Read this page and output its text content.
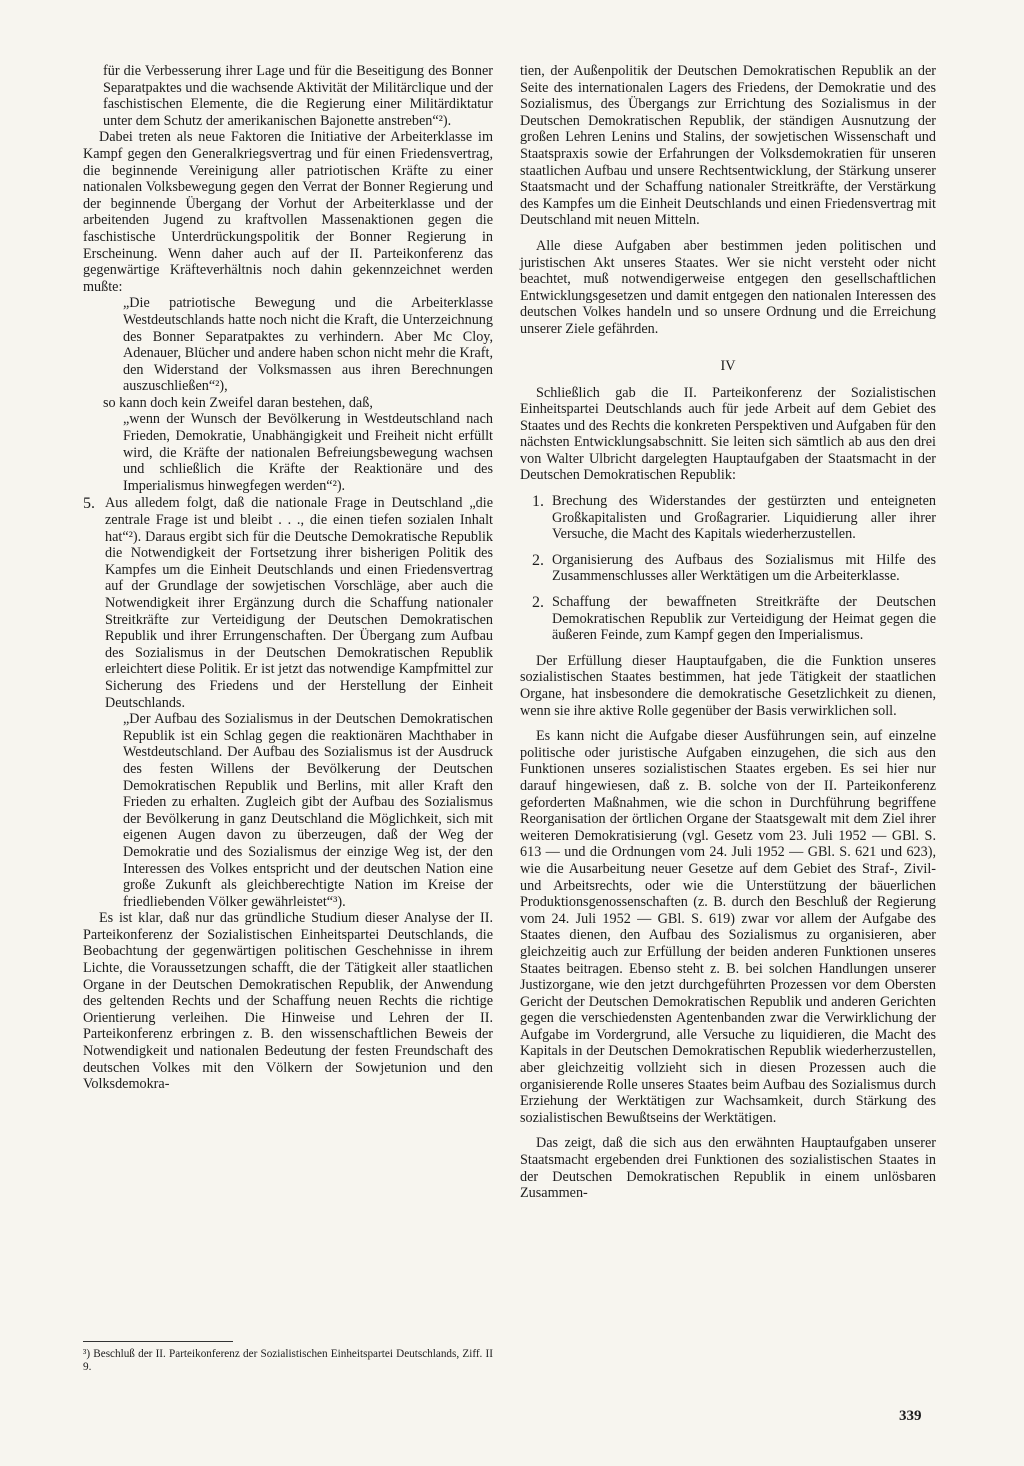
für die Verbesserung ihrer Lage und für die Beseitigung des Bonner Separatpaktes und die wachsende Aktivität der Militärclique und der faschistischen Elemente, die die Regierung einer Militärdiktatur unter dem Schutz der amerikanischen Bajonette anstreben“²).

Dabei treten als neue Faktoren die Initiative der Arbeiterklasse im Kampf gegen den Generalkriegsvertrag und für einen Friedensvertrag, die beginnende Vereinigung aller patriotischen Kräfte zu einer nationalen Volksbewegung gegen den Verrat der Bonner Regierung und der beginnende Übergang der Vorhut der Arbeiterklasse und der arbeitenden Jugend zu kraftvollen Massenaktionen gegen die faschistische Unterdrückungspolitik der Bonner Regierung in Erscheinung. Wenn daher auch auf der II. Parteikonferenz das gegenwärtige Kräfteverhältnis noch dahin gekennzeichnet werden mußte:

„Die patriotische Bewegung und die Arbeiterklasse Westdeutschlands hatte noch nicht die Kraft, die Unterzeichnung des Bonner Separatpaktes zu verhindern. Aber Mc Cloy, Adenauer, Blücher und andere haben schon nicht mehr die Kraft, den Widerstand der Volksmassen aus ihren Berechnungen auszuschließen“²),

so kann doch kein Zweifel daran bestehen, daß,

„wenn der Wunsch der Bevölkerung in Westdeutschland nach Frieden, Demokratie, Unabhängigkeit und Freiheit nicht erfüllt wird, die Kräfte der nationalen Befreiungsbewegung wachsen und schließlich die Kräfte der Reaktionäre und des Imperialismus hinwegfegen werden“²).

5. Aus alledem folgt, daß die nationale Frage in Deutschland „die zentrale Frage ist und bleibt . . ., die einen tiefen sozialen Inhalt hat“²). Daraus ergibt sich für die Deutsche Demokratische Republik die Notwendigkeit der Fortsetzung ihrer bisherigen Politik des Kampfes um die Einheit Deutschlands und einen Friedensvertrag auf der Grundlage der sowjetischen Vorschläge, aber auch die Notwendigkeit ihrer Ergänzung durch die Schaffung nationaler Streitkräfte zur Verteidigung der Deutschen Demokratischen Republik und ihrer Errungenschaften. Der Übergang zum Aufbau des Sozialismus in der Deutschen Demokratischen Republik erleichtert diese Politik. Er ist jetzt das notwendige Kampfmittel zur Sicherung des Friedens und der Herstellung der Einheit Deutschlands.

„Der Aufbau des Sozialismus in der Deutschen Demokratischen Republik ist ein Schlag gegen die reaktionären Machthaber in Westdeutschland. Der Aufbau des Sozialismus ist der Ausdruck des festen Willens der Bevölkerung der Deutschen Demokratischen Republik und Berlins, mit aller Kraft den Frieden zu erhalten. Zugleich gibt der Aufbau des Sozialismus der Bevölkerung in ganz Deutschland die Möglichkeit, sich mit eigenen Augen davon zu überzeugen, daß der Weg der Demokratie und des Sozialismus der einzige Weg ist, der den Interessen des Volkes entspricht und der deutschen Nation eine große Zukunft als gleichberechtigte Nation im Kreise der friedliebenden Völker gewährleistet“³).

Es ist klar, daß nur das gründliche Studium dieser Analyse der II. Parteikonferenz der Sozialistischen Einheitspartei Deutschlands, die Beobachtung der gegenwärtigen politischen Geschehnisse in ihrem Lichte, die Voraussetzungen schafft, die der Tätigkeit aller staatlichen Organe in der Deutschen Demokratischen Republik, der Anwendung des geltenden Rechts und der Schaffung neuen Rechts die richtige Orientierung verleihen. Die Hinweise und Lehren der II. Parteikonferenz erbringen z. B. den wissenschaftlichen Beweis der Notwendigkeit und nationalen Bedeutung der festen Freundschaft des deutschen Volkes mit den Völkern der Sowjetunion und den Volksdemokra-

tien, der Außenpolitik der Deutschen Demokratischen Republik an der Seite des internationalen Lagers des Friedens, der Demokratie und des Sozialismus, des Übergangs zur Errichtung des Sozialismus in der Deutschen Demokratischen Republik, der ständigen Ausnutzung der großen Lehren Lenins und Stalins, der sowjetischen Wissenschaft und Staatspraxis sowie der Erfahrungen der Volksdemokratien für unseren staatlichen Aufbau und unsere Rechtsentwicklung, der Stärkung unserer Staatsmacht und der Schaffung nationaler Streitkräfte, der Verstärkung des Kampfes um die Einheit Deutschlands und einen Friedensvertrag mit Deutschland mit neuen Mitteln.

Alle diese Aufgaben aber bestimmen jeden politischen und juristischen Akt unseres Staates. Wer sie nicht versteht oder nicht beachtet, muß notwendigerweise entgegen den gesellschaftlichen Entwicklungsgesetzen und damit entgegen den nationalen Interessen des deutschen Volkes handeln und so unsere Ordnung und die Erreichung unserer Ziele gefährden.

IV

Schließlich gab die II. Parteikonferenz der Sozialistischen Einheitspartei Deutschlands auch für jede Arbeit auf dem Gebiet des Staates und des Rechts die konkreten Perspektiven und Aufgaben für den nächsten Entwicklungsabschnitt. Sie leiten sich sämtlich ab aus den drei von Walter Ulbricht dargelegten Hauptaufgaben der Staatsmacht in der Deutschen Demokratischen Republik:

1. Brechung des Widerstandes der gestürzten und enteigneten Großkapitalisten und Großagrarier. Liquidierung aller ihrer Versuche, die Macht des Kapitals wiederherzustellen.

2. Organisierung des Aufbaus des Sozialismus mit Hilfe des Zusammenschlusses aller Werktätigen um die Arbeiterklasse.

2. Schaffung der bewaffneten Streitkräfte der Deutschen Demokratischen Republik zur Verteidigung der Heimat gegen die äußeren Feinde, zum Kampf gegen den Imperialismus.

Der Erfüllung dieser Hauptaufgaben, die die Funktion unseres sozialistischen Staates bestimmen, hat jede Tätigkeit der staatlichen Organe, hat insbesondere die demokratische Gesetzlichkeit zu dienen, wenn sie ihre aktive Rolle gegenüber der Basis verwirklichen soll.

Es kann nicht die Aufgabe dieser Ausführungen sein, auf einzelne politische oder juristische Aufgaben einzugehen, die sich aus den Funktionen unseres sozialistischen Staates ergeben. Es sei hier nur darauf hingewiesen, daß z. B. solche von der II. Parteikonferenz geforderten Maßnahmen, wie die schon in Durchführung begriffene Reorganisation der örtlichen Organe der Staatsgewalt mit dem Ziel ihrer weiteren Demokratisierung (vgl. Gesetz vom 23. Juli 1952 — GBl. S. 613 — und die Ordnungen vom 24. Juli 1952 — GBl. S. 621 und 623), wie die Ausarbeitung neuer Gesetze auf dem Gebiet des Straf-, Zivil- und Arbeitsrechts, oder wie die Unterstützung der bäuerlichen Produktionsgenossenschaften (z. B. durch den Beschluß der Regierung vom 24. Juli 1952 — GBl. S. 619) zwar vor allem der Aufgabe des Staates dienen, den Aufbau des Sozialismus zu organisieren, aber gleichzeitig auch zur Erfüllung der beiden anderen Funktionen unseres Staates beitragen. Ebenso steht z. B. bei solchen Handlungen unserer Justizorgane, wie den jetzt durchgeführten Prozessen vor dem Obersten Gericht der Deutschen Demokratischen Republik und anderen Gerichten gegen die verschiedensten Agentenbanden zwar die Verwirklichung der Aufgabe im Vordergrund, alle Versuche zu liquidieren, die Macht des Kapitals in der Deutschen Demokratischen Republik wiederherzustellen, aber gleichzeitig vollzieht sich in diesen Prozessen auch die organisierende Rolle unseres Staates beim Aufbau des Sozialismus durch Erziehung der Werktätigen zur Wachsamkeit, durch Stärkung des sozialistischen Bewußtseins der Werktätigen.

Das zeigt, daß die sich aus den erwähnten Hauptaufgaben unserer Staatsmacht ergebenden drei Funktionen des sozialistischen Staates in der Deutschen Demokratischen Republik in einem unlösbaren Zusammen-

³) Beschluß der II. Parteikonferenz der Sozialistischen Einheitspartei Deutschlands, Ziff. II 9.
339
